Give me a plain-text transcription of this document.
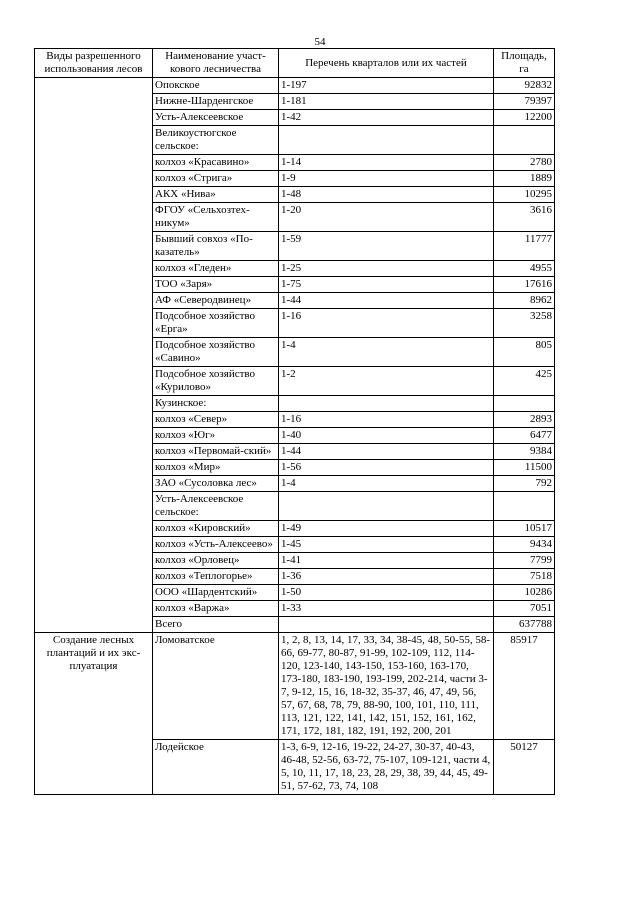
54
Виды разрешенного использования лесов	Наименование участ-кового лесничества	Перечень кварталов или их частей	Площадь, га
	Опокское	1-197	92832
	Нижне-Шарденгское	1-181	79397
	Усть-Алексеевское	1-42	12200
	Великоустюгское сельское:		
	колхоз «Красавино»	1-14	2780
	колхоз «Стрига»	1-9	1889
	АКХ «Нива»	1-48	10295
	ФГОУ «Сельхозтех-никум»	1-20	3616
	Бывший совхоз «По-казатель»	1-59	11777
	колхоз «Гледен»	1-25	4955
	ТОО «Заря»	1-75	17616
	АФ «Северодвинец»	1-44	8962
	Подсобное хозяйство «Ерга»	1-16	3258
	Подсобное хозяйство «Савино»	1-4	805
	Подсобное хозяйство «Курилово»	1-2	425
	Кузинское:		
	колхоз «Север»	1-16	2893
	колхоз «Юг»	1-40	6477
	колхоз «Первомай-ский»	1-44	9384
	колхоз «Мир»	1-56	11500
	ЗАО «Сусоловка лес»	1-4	792
	Усть-Алексеевское сельское:		
	колхоз «Кировский»	1-49	10517
	колхоз «Усть-Алексеево»	1-45	9434
	колхоз «Орловец»	1-41	7799
	колхоз «Теплогорье»	1-36	7518
	ООО «Шардентский»	1-50	10286
	колхоз «Варжа»	1-33	7051
	Всего		637788
Создание лесных плантаций и их экс-плуатация	Ломоватское	1, 2, 8, 13, 14, 17, 33, 34, 38-45, 48, 50-55, 58-66, 69-77, 80-87, 91-99, 102-109, 112, 114-120, 123-140, 143-150, 153-160, 163-170, 173-180, 183-190, 193-199, 202-214, части 3-7, 9-12, 15, 16, 18-32, 35-37, 46, 47, 49, 56, 57, 67, 68, 78, 79, 88-90, 100, 101, 110, 111, 113, 121, 122, 141, 142, 151, 152, 161, 162, 171, 172, 181, 182, 191, 192, 200, 201	85917
	Лодейское	1-3, 6-9, 12-16, 19-22, 24-27, 30-37, 40-43, 46-48, 52-56, 63-72, 75-107, 109-121, части 4, 5, 10, 11, 17, 18, 23, 28, 29, 38, 39, 44, 45, 49-51, 57-62, 73, 74, 108	50127
